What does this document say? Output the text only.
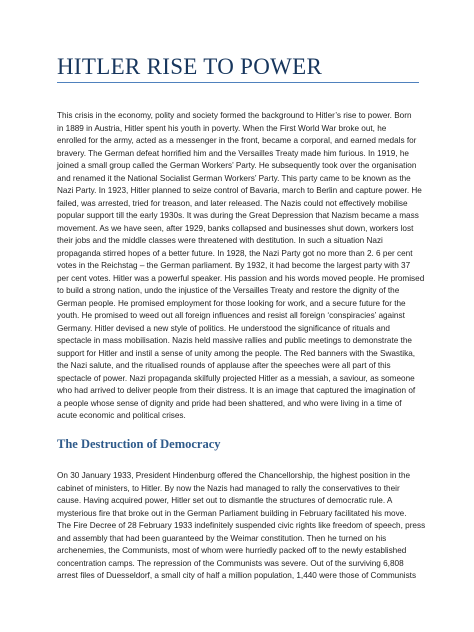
HITLER RISE TO POWER

This crisis in the economy, polity and society formed the background to Hitler’s rise to power. Born
in 1889 in Austria, Hitler spent his youth in poverty. When the First World War broke out, he
enrolled for the army, acted as a messenger in the front, became a corporal, and earned medals for
bravery. The German defeat horrified him and the Versailles Treaty made him furious. In 1919, he
joined a small group called the German Workers’ Party. He subsequently took over the organisation
and renamed it the National Socialist German Workers’ Party. This party came to be known as the
Nazi Party. In 1923, Hitler planned to seize control of Bavaria, march to Berlin and capture power. He
failed, was arrested, tried for treason, and later released. The Nazis could not effectively mobilise
popular support till the early 1930s. It was during the Great Depression that Nazism became a mass
movement. As we have seen, after 1929, banks collapsed and businesses shut down, workers lost
their jobs and the middle classes were threatened with destitution. In such a situation Nazi
propaganda stirred hopes of a better future. In 1928, the Nazi Party got no more than 2. 6 per cent
votes in the Reichstag – the German parliament. By 1932, it had become the largest party with 37
per cent votes. Hitler was a powerful speaker. His passion and his words moved people. He promised
to build a strong nation, undo the injustice of the Versailles Treaty and restore the dignity of the
German people. He promised employment for those looking for work, and a secure future for the
youth. He promised to weed out all foreign influences and resist all foreign ‘conspiracies’ against
Germany. Hitler devised a new style of politics. He understood the significance of rituals and
spectacle in mass mobilisation. Nazis held massive rallies and public meetings to demonstrate the
support for Hitler and instil a sense of unity among the people. The Red banners with the Swastika,
the Nazi salute, and the ritualised rounds of applause after the speeches were all part of this
spectacle of power. Nazi propaganda skilfully projected Hitler as a messiah, a saviour, as someone
who had arrived to deliver people from their distress. It is an image that captured the imagination of
a people whose sense of dignity and pride had been shattered, and who were living in a time of
acute economic and political crises.

The Destruction of Democracy

On 30 January 1933, President Hindenburg offered the Chancellorship, the highest position in the
cabinet of ministers, to Hitler. By now the Nazis had managed to rally the conservatives to their
cause. Having acquired power, Hitler set out to dismantle the structures of democratic rule. A
mysterious fire that broke out in the German Parliament building in February facilitated his move.
The Fire Decree of 28 February 1933 indefinitely suspended civic rights like freedom of speech, press
and assembly that had been guaranteed by the Weimar constitution. Then he turned on his
archenemies, the Communists, most of whom were hurriedly packed off to the newly established
concentration camps. The repression of the Communists was severe. Out of the surviving 6,808
arrest files of Duesseldorf, a small city of half a million population, 1,440 were those of Communists
